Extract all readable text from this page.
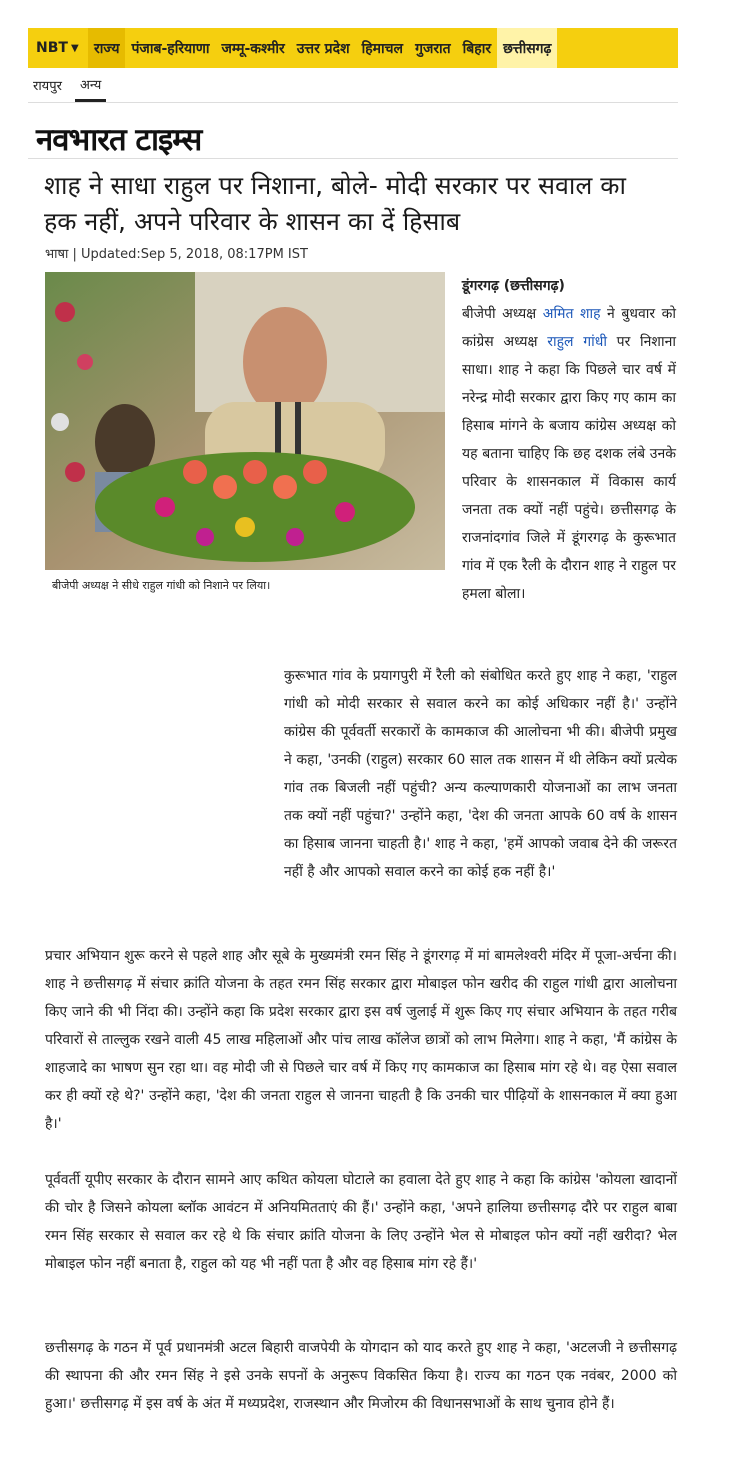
NBT ▼	राज्य पंजाब-हरियाणा जम्मू-कश्मीर उत्तर प्रदेश हिमाचल गुजरात बिहार छत्तीसगढ़
रायपुर	अन्य
नवभारत टाइम्स
शाह ने साधा राहुल पर निशाना, बोले- मोदी सरकार पर सवाल का हक नहीं, अपने परिवार के शासन का दें हिसाब
भाषा | Updated:Sep 5, 2018, 08:17PM IST
बीजेपी अध्यक्ष ने सीधे राहुल गांधी को निशाने पर लिया।
डूंगरगढ़ (छत्तीसगढ़)
बीजेपी अध्यक्ष अमित शाह ने बुधवार को कांग्रेस अध्यक्ष राहुल गांधी पर निशाना साधा। शाह ने कहा कि पिछले चार वर्ष में नरेन्द्र मोदी सरकार द्वारा किए गए काम का हिसाब मांगने के बजाय कांग्रेस अध्यक्ष को यह बताना चाहिए कि छह दशक लंबे उनके परिवार के शासनकाल में विकास कार्य जनता तक क्यों नहीं पहुंचे। छत्तीसगढ़ के राजनांदगांव जिले में डूंगरगढ़ के कुरूभात गांव में एक रैली के दौरान शाह ने राहुल पर हमला बोला।
कुरूभात गांव के प्रयागपुरी में रैली को संबोधित करते हुए शाह ने कहा, 'राहुल गांधी को मोदी सरकार से सवाल करने का कोई अधिकार नहीं है।' उन्होंने कांग्रेस की पूर्ववर्ती सरकारों के कामकाज की आलोचना भी की। बीजेपी प्रमुख ने कहा, 'उनकी (राहुल) सरकार 60 साल तक शासन में थी लेकिन क्यों प्रत्येक गांव तक बिजली नहीं पहुंची? अन्य कल्याणकारी योजनाओं का लाभ जनता तक क्यों नहीं पहुंचा?' उन्होंने कहा, 'देश की जनता आपके 60 वर्ष के शासन का हिसाब जानना चाहती है।' शाह ने कहा, 'हमें आपको जवाब देने की जरूरत नहीं है और आपको सवाल करने का कोई हक नहीं है।'
प्रचार अभियान शुरू करने से पहले शाह और सूबे के मुख्यमंत्री रमन सिंह ने डूंगरगढ़ में मां बामलेश्वरी मंदिर में पूजा-अर्चना की। शाह ने छत्तीसगढ़ में संचार क्रांति योजना के तहत रमन सिंह सरकार द्वारा मोबाइल फोन खरीद की राहुल गांधी द्वारा आलोचना किए जाने की भी निंदा की। उन्होंने कहा कि प्रदेश सरकार द्वारा इस वर्ष जुलाई में शुरू किए गए संचार अभियान के तहत गरीब परिवारों से ताल्लुक रखने वाली 45 लाख महिलाओं और पांच लाख कॉलेज छात्रों को लाभ मिलेगा। शाह ने कहा, 'मैं कांग्रेस के शाहजादे का भाषण सुन रहा था। वह मोदी जी से पिछले चार वर्ष में किए गए कामकाज का हिसाब मांग रहे थे। वह ऐसा सवाल कर ही क्यों रहे थे?' उन्होंने कहा, 'देश की जनता राहुल से जानना चाहती है कि उनकी चार पीढ़ियों के शासनकाल में क्या हुआ है।'
पूर्ववर्ती यूपीए सरकार के दौरान सामने आए कथित कोयला घोटाले का हवाला देते हुए शाह ने कहा कि कांग्रेस 'कोयला खादानों की चोर है जिसने कोयला ब्लॉक आवंटन में अनियमितताएं की हैं।' उन्होंने कहा, 'अपने हालिया छत्तीसगढ़ दौरे पर राहुल बाबा रमन सिंह सरकार से सवाल कर रहे थे कि संचार क्रांति योजना के लिए उन्होंने भेल से मोबाइल फोन क्यों नहीं खरीदा? भेल मोबाइल फोन नहीं बनाता है, राहुल को यह भी नहीं पता है और वह हिसाब मांग रहे हैं।'
छत्तीसगढ़ के गठन में पूर्व प्रधानमंत्री अटल बिहारी वाजपेयी के योगदान को याद करते हुए शाह ने कहा, 'अटलजी ने छत्तीसगढ़ की स्थापना की और रमन सिंह ने इसे उनके सपनों के अनुरूप विकसित किया है। राज्य का गठन एक नवंबर, 2000 को हुआ।' छत्तीसगढ़ में इस वर्ष के अंत में मध्यप्रदेश, राजस्थान और मिजोरम की विधानसभाओं के साथ चुनाव होने हैं।
